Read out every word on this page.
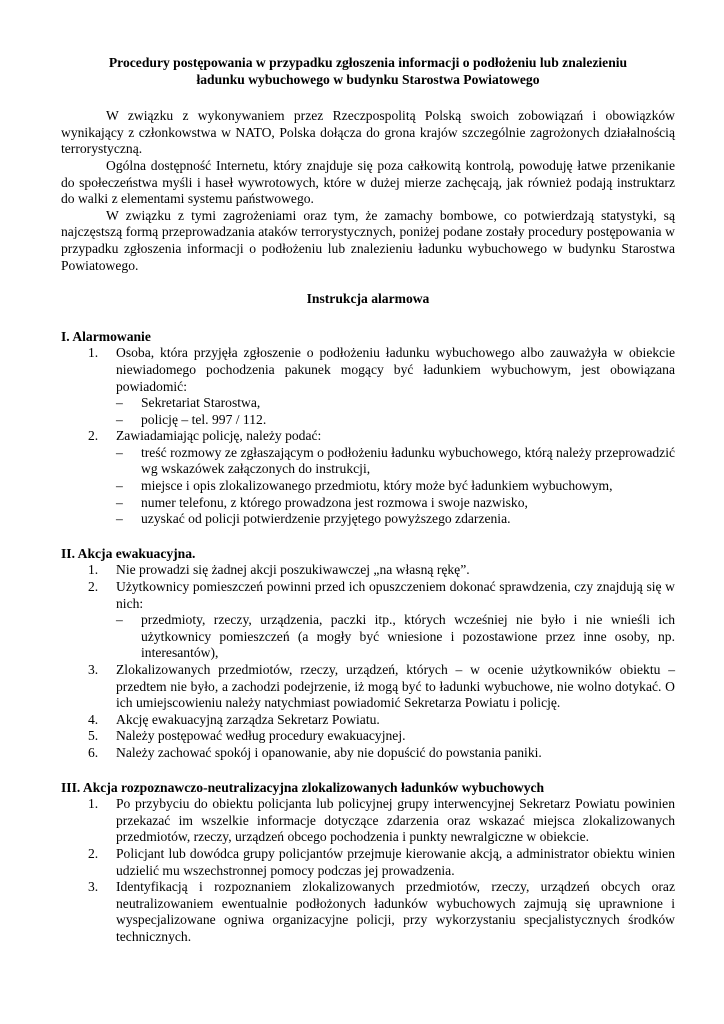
Procedury postępowania w przypadku zgłoszenia informacji o podłożeniu lub znalezieniu
ładunku wybuchowego w budynku Starostwa Powiatowego

W związku z wykonywaniem przez Rzeczpospolitą Polską swoich zobowiązań i obowiązków wynikający z członkowstwa w NATO, Polska dołącza do grona krajów szczególnie zagrożonych działalnością terrorystyczną.

Ogólna dostępność Internetu, który znajduje się poza całkowitą kontrolą, powoduję łatwe przenikanie do społeczeństwa myśli i haseł wywrotowych, które w dużej mierze zachęcają, jak również podają instruktarz do walki z elementami systemu państwowego.

W związku z tymi zagrożeniami oraz tym, że zamachy bombowe, co potwierdzają statystyki, są najczęstszą formą przeprowadzania ataków terrorystycznych, poniżej podane zostały procedury postępowania w przypadku zgłoszenia informacji o podłożeniu lub znalezieniu ładunku wybuchowego w budynku Starostwa Powiatowego.

Instrukcja alarmowa
I. Alarmowanie
1. Osoba, która przyjęła zgłoszenie o podłożeniu ładunku wybuchowego albo zauważyła w obiekcie niewiadomego pochodzenia pakunek mogący być ładunkiem wybuchowym, jest obowiązana powiadomić:
– Sekretariat Starostwa,
– policję – tel. 997 / 112.
2. Zawiadamiając policję, należy podać:
– treść rozmowy ze zgłaszającym o podłożeniu ładunku wybuchowego, którą należy przeprowadzić wg wskazówek załączonych do instrukcji,
– miejsce i opis zlokalizowanego przedmiotu, który może być ładunkiem wybuchowym,
– numer telefonu, z którego prowadzona jest rozmowa i swoje nazwisko,
– uzyskać od policji potwierdzenie przyjętego powyższego zdarzenia.
II. Akcja ewakuacyjna.
1. Nie prowadzi się żadnej akcji poszukiwawczej „na własną rękę”.
2. Użytkownicy pomieszczeń powinni przed ich opuszczeniem dokonać sprawdzenia, czy znajdują się w nich:
– przedmioty, rzeczy, urządzenia, paczki itp., których wcześniej nie było i nie wnieśli ich użytkownicy pomieszczeń (a mogły być wniesione i pozostawione przez inne osoby, np. interesantów),
3. Zlokalizowanych przedmiotów, rzeczy, urządzeń, których – w ocenie użytkowników obiektu – przedtem nie było, a zachodzi podejrzenie, iż mogą być to ładunki wybuchowe, nie wolno dotykać. O ich umiejscowieniu należy natychmiast powiadomić Sekretarza Powiatu i policję.
4. Akcję ewakuacyjną zarządza Sekretarz Powiatu.
5. Należy postępować według procedury ewakuacyjnej.
6. Należy zachować spokój i opanowanie, aby nie dopuścić do powstania paniki.
III. Akcja rozpoznawczo-neutralizacyjna zlokalizowanych ładunków wybuchowych
1. Po przybyciu do obiektu policjanta lub policyjnej grupy interwencyjnej Sekretarz Powiatu powinien przekazać im wszelkie informacje dotyczące zdarzenia oraz wskazać miejsca zlokalizowanych przedmiotów, rzeczy, urządzeń obcego pochodzenia i punkty newralgiczne w obiekcie.
2. Policjant lub dowódca grupy policjantów przejmuje kierowanie akcją, a administrator obiektu winien udzielić mu wszechstronnej pomocy podczas jej prowadzenia.
3. Identyfikacją i rozpoznaniem zlokalizowanych przedmiotów, rzeczy, urządzeń obcych oraz neutralizowaniem ewentualnie podłożonych ładunków wybuchowych zajmują się uprawnione i wyspecjalizowane ogniwa organizacyjne policji, przy wykorzystaniu specjalistycznych środków technicznych.
